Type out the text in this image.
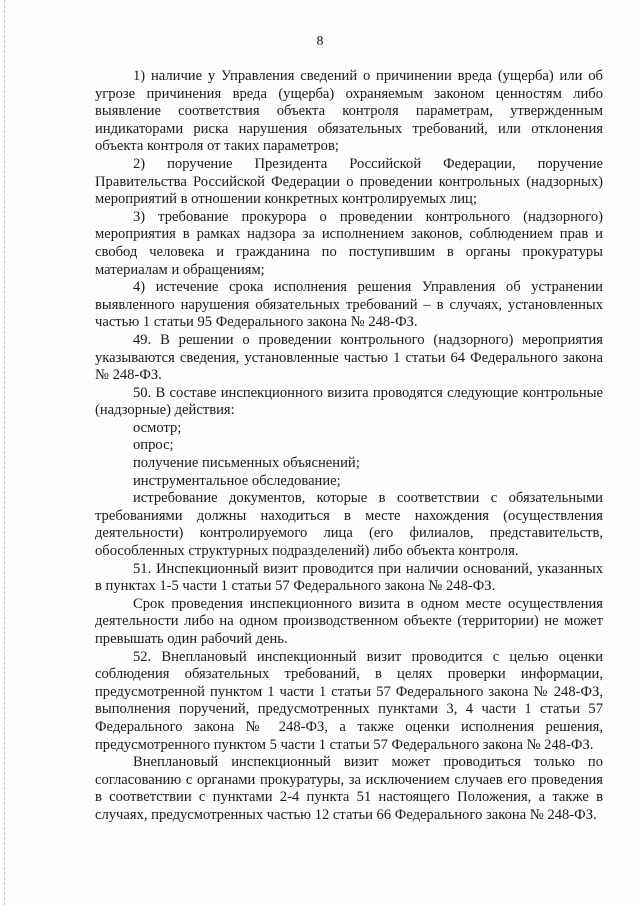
8

1) наличие у Управления сведений о причинении вреда (ущерба) или об угрозе причинения вреда (ущерба) охраняемым законом ценностям либо выявление соответствия объекта контроля параметрам, утвержденным индикаторами риска нарушения обязательных требований, или отклонения объекта контроля от таких параметров;

2) поручение Президента Российской Федерации, поручение Правительства Российской Федерации о проведении контрольных (надзорных) мероприятий в отношении конкретных контролируемых лиц;

3) требование прокурора о проведении контрольного (надзорного) мероприятия в рамках надзора за исполнением законов, соблюдением прав и свобод человека и гражданина по поступившим в органы прокуратуры материалам и обращениям;

4) истечение срока исполнения решения Управления об устранении выявленного нарушения обязательных требований – в случаях, установленных частью 1 статьи 95 Федерального закона № 248-ФЗ.

49. В решении о проведении контрольного (надзорного) мероприятия указываются сведения, установленные частью 1 статьи 64 Федерального закона № 248-ФЗ.

50. В составе инспекционного визита проводятся следующие контрольные (надзорные) действия:

осмотр;

опрос;

получение письменных объяснений;

инструментальное обследование;

истребование документов, которые в соответствии с обязательными требованиями должны находиться в месте нахождения (осуществления деятельности) контролируемого лица (его филиалов, представительств, обособленных структурных подразделений) либо объекта контроля.

51. Инспекционный визит проводится при наличии оснований, указанных в пунктах 1-5 части 1 статьи 57 Федерального закона № 248-ФЗ.

Срок проведения инспекционного визита в одном месте осуществления деятельности либо на одном производственном объекте (территории) не может превышать один рабочий день.

52. Внеплановый инспекционный визит проводится с целью оценки соблюдения обязательных требований, в целях проверки информации, предусмотренной пунктом 1 части 1 статьи 57 Федерального закона № 248-ФЗ, выполнения поручений, предусмотренных пунктами 3, 4 части 1 статьи 57 Федерального закона № 248-ФЗ, а также оценки исполнения решения, предусмотренного пунктом 5 части 1 статьи 57 Федерального закона № 248-ФЗ.

Внеплановый инспекционный визит может проводиться только по согласованию с органами прокуратуры, за исключением случаев его проведения в соответствии с пунктами 2-4 пункта 51 настоящего Положения, а также в случаях, предусмотренных частью 12 статьи 66 Федерального закона № 248-ФЗ.
